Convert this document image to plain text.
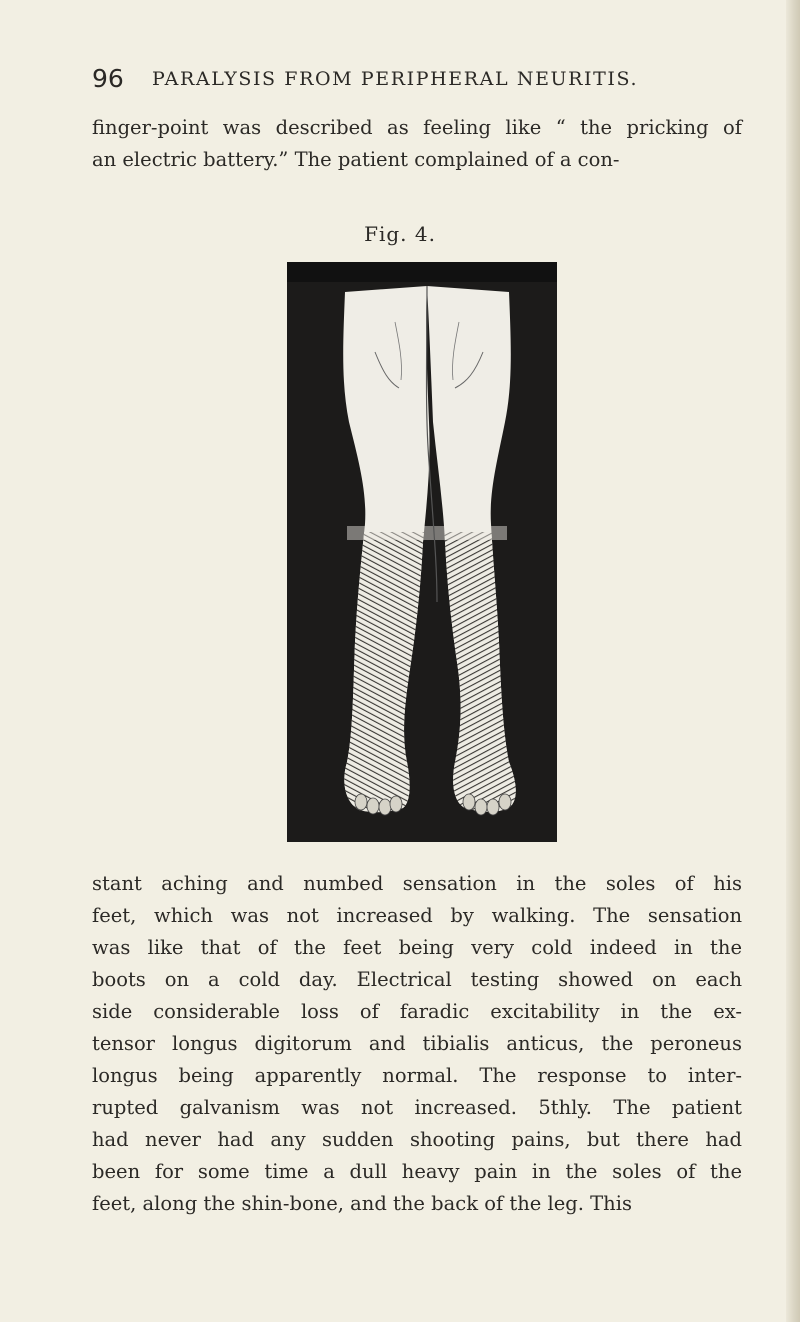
96 PARALYSIS FROM PERIPHERAL NEURITIS.
finger-point was described as feeling like “ the pricking of
an electric battery.” The patient complained of a con-
Fig. 4.
stant aching and numbed sensation in the soles of his
feet, which was not increased by walking. The sensation
was like that of the feet being very cold indeed in the
boots on a cold day. Electrical testing showed on each
side considerable loss of faradic excitability in the ex-
tensor longus digitorum and tibialis anticus, the peroneus
longus being apparently normal. The response to inter-
rupted galvanism was not increased. 5thly. The patient
had never had any sudden shooting pains, but there had
been for some time a dull heavy pain in the soles of the
feet, along the shin-bone, and the back of the leg. This
